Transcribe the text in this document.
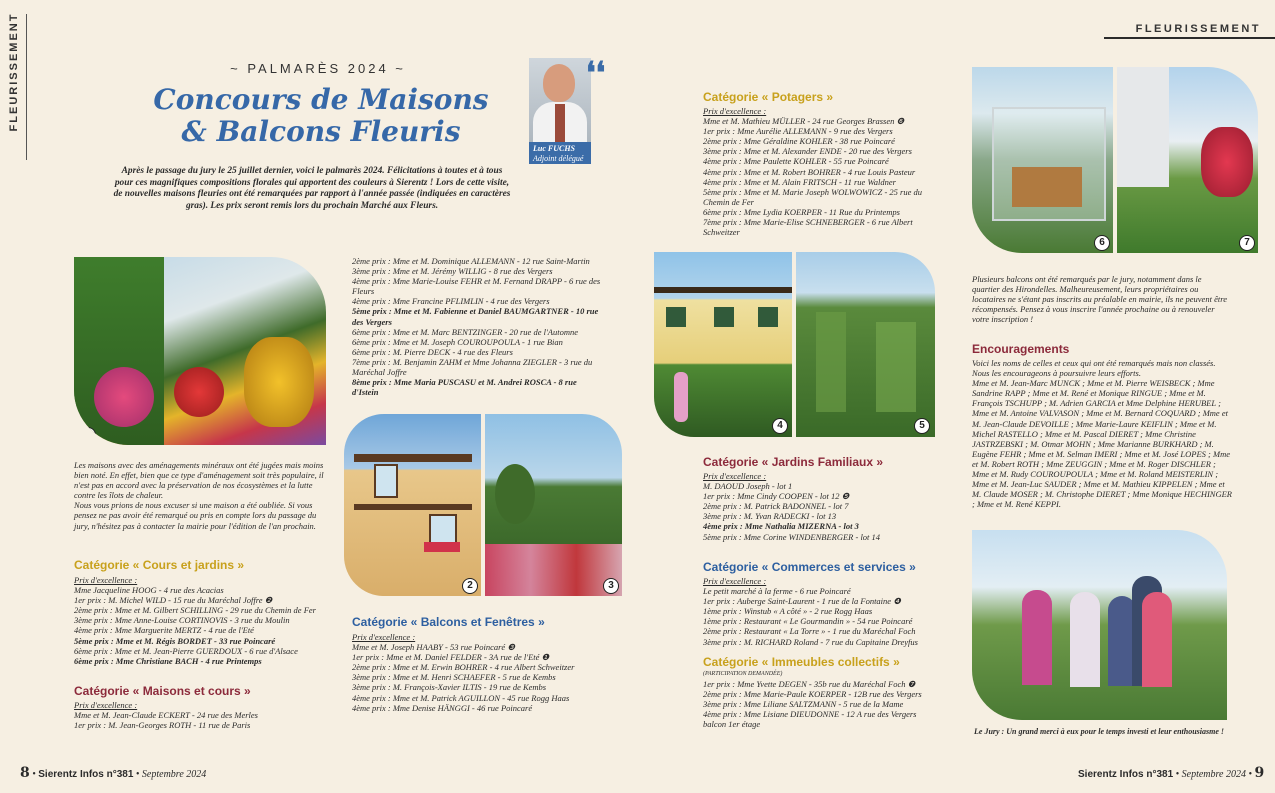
FLEURISSEMENT	FLEURISSEMENT
~ PALMARÈS 2024 ~
Concours de Maisons & Balcons Fleuris
Luc FUCHS
Adjoint délégué
❛❛
Après le passage du jury le 25 juillet dernier, voici le palmarès 2024. Félicitations à toutes et à tous pour ces magnifiques compositions florales qui apportent des couleurs à Sierentz ! Lors de cette visite, de nouvelles maisons fleuries ont été remarquées par rapport à l'année passée (indiquées en caractères gras). Les prix seront remis lors du prochain Marché aux Fleurs.
1

Les maisons avec des aménagements minéraux ont été jugées mais moins bien noté. En effet, bien que ce type d'aménagement soit très populaire, il n'est pas en accord avec la préservation de nos écosystèmes et la lutte contre les îlots de chaleur.

Nous vous prions de nous excuser si une maison a été oubliée. Si vous pensez ne pas avoir été remarqué ou pris en compte lors du passage du jury, n'hésitez pas à contacter la mairie pour l'édition de l'an prochain.

Catégorie « Cours et jardins »

Prix d'excellence :

Mme Jacqueline HOOG - 4 rue des Acacias

1er prix : M. Michel WILD - 15 rue du Maréchal Joffre ❷

2ème prix : Mme et M. Gilbert SCHILLING - 29 rue du Chemin de Fer

3ème prix : Mme Anne-Louise CORTINOVIS - 3 rue du Moulin

4ème prix : Mme Marguerite MERTZ - 4 rue de l'Eté

5ème prix : Mme et M. Régis BORDET - 33 rue Poincaré

6ème prix : Mme et M. Jean-Pierre GUERDOUX - 6 rue d'Alsace

6ème prix : Mme Christiane BACH - 4 rue Printemps

Catégorie « Maisons et cours »

Prix d'excellence :

Mme et M. Jean-Claude ECKERT - 24 rue des Merles

1er prix : M. Jean-Georges ROTH - 11 rue de Paris

2ème prix : Mme et M. Dominique ALLEMANN - 12 rue Saint-Martin

3ème prix : Mme et M. Jérémy WILLIG - 8 rue des Vergers

4ème prix : Mme Marie-Louise FEHR et M. Fernand DRAPP - 6 rue des Fleurs

4ème prix : Mme Francine PFLIMLIN - 4 rue des Vergers

5ème prix : Mme et M. Fabienne et Daniel BAUMGARTNER - 10 rue des Vergers

6ème prix : Mme et M. Marc BENTZINGER - 20 rue de l'Automne

6ème prix : Mme et M. Joseph COUROUPOULA - 1 rue Bian

6ème prix : M. Pierre DECK - 4 rue des Fleurs

7ème prix : M. Benjamin ZAHM et Mme Johanna ZIEGLER - 3 rue du Maréchal Joffre

8ème prix : Mme Maria PUSCASU et M. Andrei ROSCA - 8 rue d'Istein

2	3
Catégorie « Balcons et Fenêtres »

Prix d'excellence :

Mme et M. Joseph HAABY - 53 rue Poincaré ❸

1er prix : Mme et M. Daniel FELDER - 3A rue de l'Eté ❶

2ème prix : Mme et M. Erwin BOHRER - 4 rue Albert Schweitzer

3ème prix : Mme et M. Henri SCHAEFER - 5 rue de Kembs

3ème prix : M. François-Xavier ILTIS - 19 rue de Kembs

4ème prix : Mme et M. Patrick AGUILLON - 45 rue Rogg Haas

4ème prix : Mme Denise HÄNGGI - 46 rue Poincaré

Catégorie « Potagers »

Prix d'excellence :

Mme et M. Mathieu MÜLLER - 24 rue Georges Brassen ❻

1er prix : Mme Aurélie ALLEMANN - 9 rue des Vergers

2ème prix : Mme Géraldine KOHLER - 38 rue Poincaré

3ème prix : Mme et M. Alexander ENDE - 20 rue des Vergers

4ème prix : Mme Paulette KOHLER - 55 rue Poincaré

4ème prix : Mme et M. Robert BOHRER - 4 rue Louis Pasteur

4ème prix : Mme et M. Alain FRITSCH - 11 rue Waldner

5ème prix : Mme et M. Marie Joseph WOLWOWICZ - 25 rue du Chemin de Fer

6ème prix : Mme Lydia KOERPER - 11 Rue du Printemps

7ème prix : Mme Marie-Elise SCHNEBERGER - 6 rue Albert Schweitzer

4	5
Catégorie « Jardins Familiaux »

Prix d'excellence :

M. DAOUD Joseph - lot 1

1er prix : Mme Cindy COOPEN - lot 12 ❺

2ème prix : M. Patrick BADONNEL - lot 7

3ème prix : M. Yvan RADECKI - lot 13

4ème prix : Mme Nathalia MIZERNA - lot 3

5ème prix : Mme Corine WINDENBERGER - lot 14

Catégorie « Commerces et services »

Prix d'excellence :

Le petit marché à la ferme - 6 rue Poincaré

1er prix : Auberge Saint-Laurent - 1 rue de la Fontaine ❹

1ème prix : Winstub « A côté » - 2 rue Rogg Haas

1ème prix : Restaurant « Le Gourmandin » - 54 rue Poincaré

2ème prix : Restaurant « La Torre » - 1 rue du Maréchal Foch

3ème prix : M. RICHARD Roland - 7 rue du Capitaine Dreyfus

Catégorie « Immeubles collectifs »

(PARTICIPATION DEMANDÉE)

1er prix : Mme Yvette DEGEN - 35b rue du Maréchal Foch ❼

2ème prix : Mme Marie-Paule KOERPER - 12B rue des Vergers

3ème prix : Mme Liliane SALTZMANN - 5 rue de la Mame

4ème prix : Mme Lisiane DIEUDONNE - 12 A rue des Vergers balcon 1er étage

6	7
Plusieurs balcons ont été remarqués par le jury, notamment dans le quartier des Hirondelles. Malheureusement, leurs propriétaires ou locataires ne s'étant pas inscrits au préalable en mairie, ils ne peuvent être récompensés. Pensez à vous inscrire l'année prochaine ou à renouveler votre inscription !
Encouragements

Voici les noms de celles et ceux qui ont été remarqués mais non classés. Nous les encourageons à poursuivre leurs efforts.

Mme et M. Jean-Marc MUNCK ; Mme et M. Pierre WEISBECK ; Mme Sandrine RAPP ; Mme et M. René et Monique RINGUE ; Mme et M. François TSCHUPP ; M. Adrien GARCIA et Mme Delphine HERUBEL ; Mme et M. Antoine VALVASON ; Mme et M. Bernard COQUARD ; Mme et M. Jean-Claude DEVOILLE ; Mme Marie-Laure KEIFLIN ; Mme et M. Michel RASTELLO ; Mme et M. Pascal DIERET ; Mme Christine JASTRZEBSKI ; M. Otmar MOHN ; Mme Marianne BURKHARD ; M. Eugène FEHR ; Mme et M. Selman IMERI ; Mme et M. José LOPES ; Mme et M. Robert ROTH ; Mme ZEUGGIN ; Mme et M. Roger DISCHLER ; Mme et M. Rudy COUROUPOULA ; Mme et M. Roland MEISTERLIN ; Mme et M. Jean-Luc SAUDER ; Mme et M. Mathieu KIPPELEN ; Mme et M. Claude MOSER ; M. Christophe DIERET ; Mme Monique HECHINGER ; Mme et M. René KEPPI.

Le Jury : Un grand merci à eux pour le temps investi et leur enthousiasme !
8 • Sierentz Infos n°381 • Septembre 2024	Sierentz Infos n°381 • Septembre 2024 • 9
